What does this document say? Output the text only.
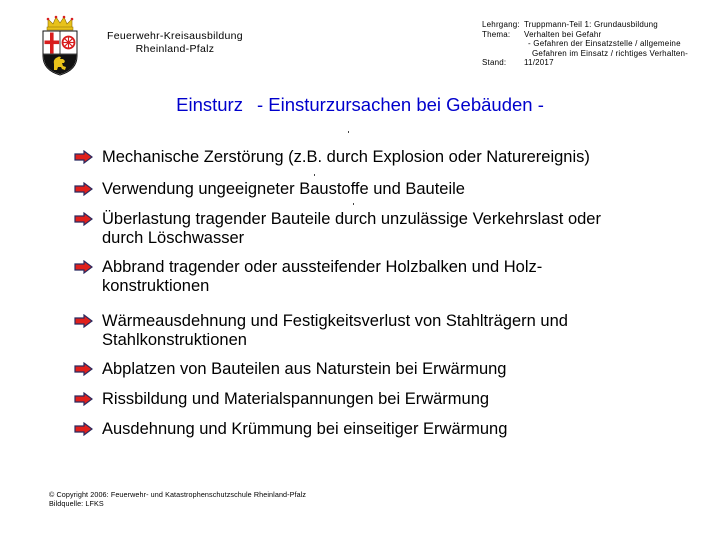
Feuerwehr-Kreisausbildung
Rheinland-Pfalz
Lehrgang: Truppmann-Teil 1: Grundausbildung
Thema:	Verhalten bei Gefahr
- Gefahren der Einsatzstelle / allgemeine
Gefahren im Einsatz / richtiges Verhalten-
Stand:	11/2017
Einsturz - Einsturzursachen bei Gebäuden -
Mechanische Zerstörung (z.B. durch Explosion oder Naturereignis)
Verwendung ungeeigneter Baustoffe und Bauteile
Überlastung tragender Bauteile durch unzulässige Verkehrslast oder
durch Löschwasser
Abbrand tragender oder aussteifender Holzbalken und Holz-
konstruktionen
Wärmeausdehnung und Festigkeitsverlust von Stahlträgern und
Stahlkonstruktionen
Abplatzen von Bauteilen aus Naturstein bei Erwärmung
Rissbildung und Materialspannungen bei Erwärmung
Ausdehnung und Krümmung bei einseitiger Erwärmung
© Copyright 2006: Feuerwehr- und Katastrophenschutzschule Rheinland-Pfalz
Bildquelle: LFKS
